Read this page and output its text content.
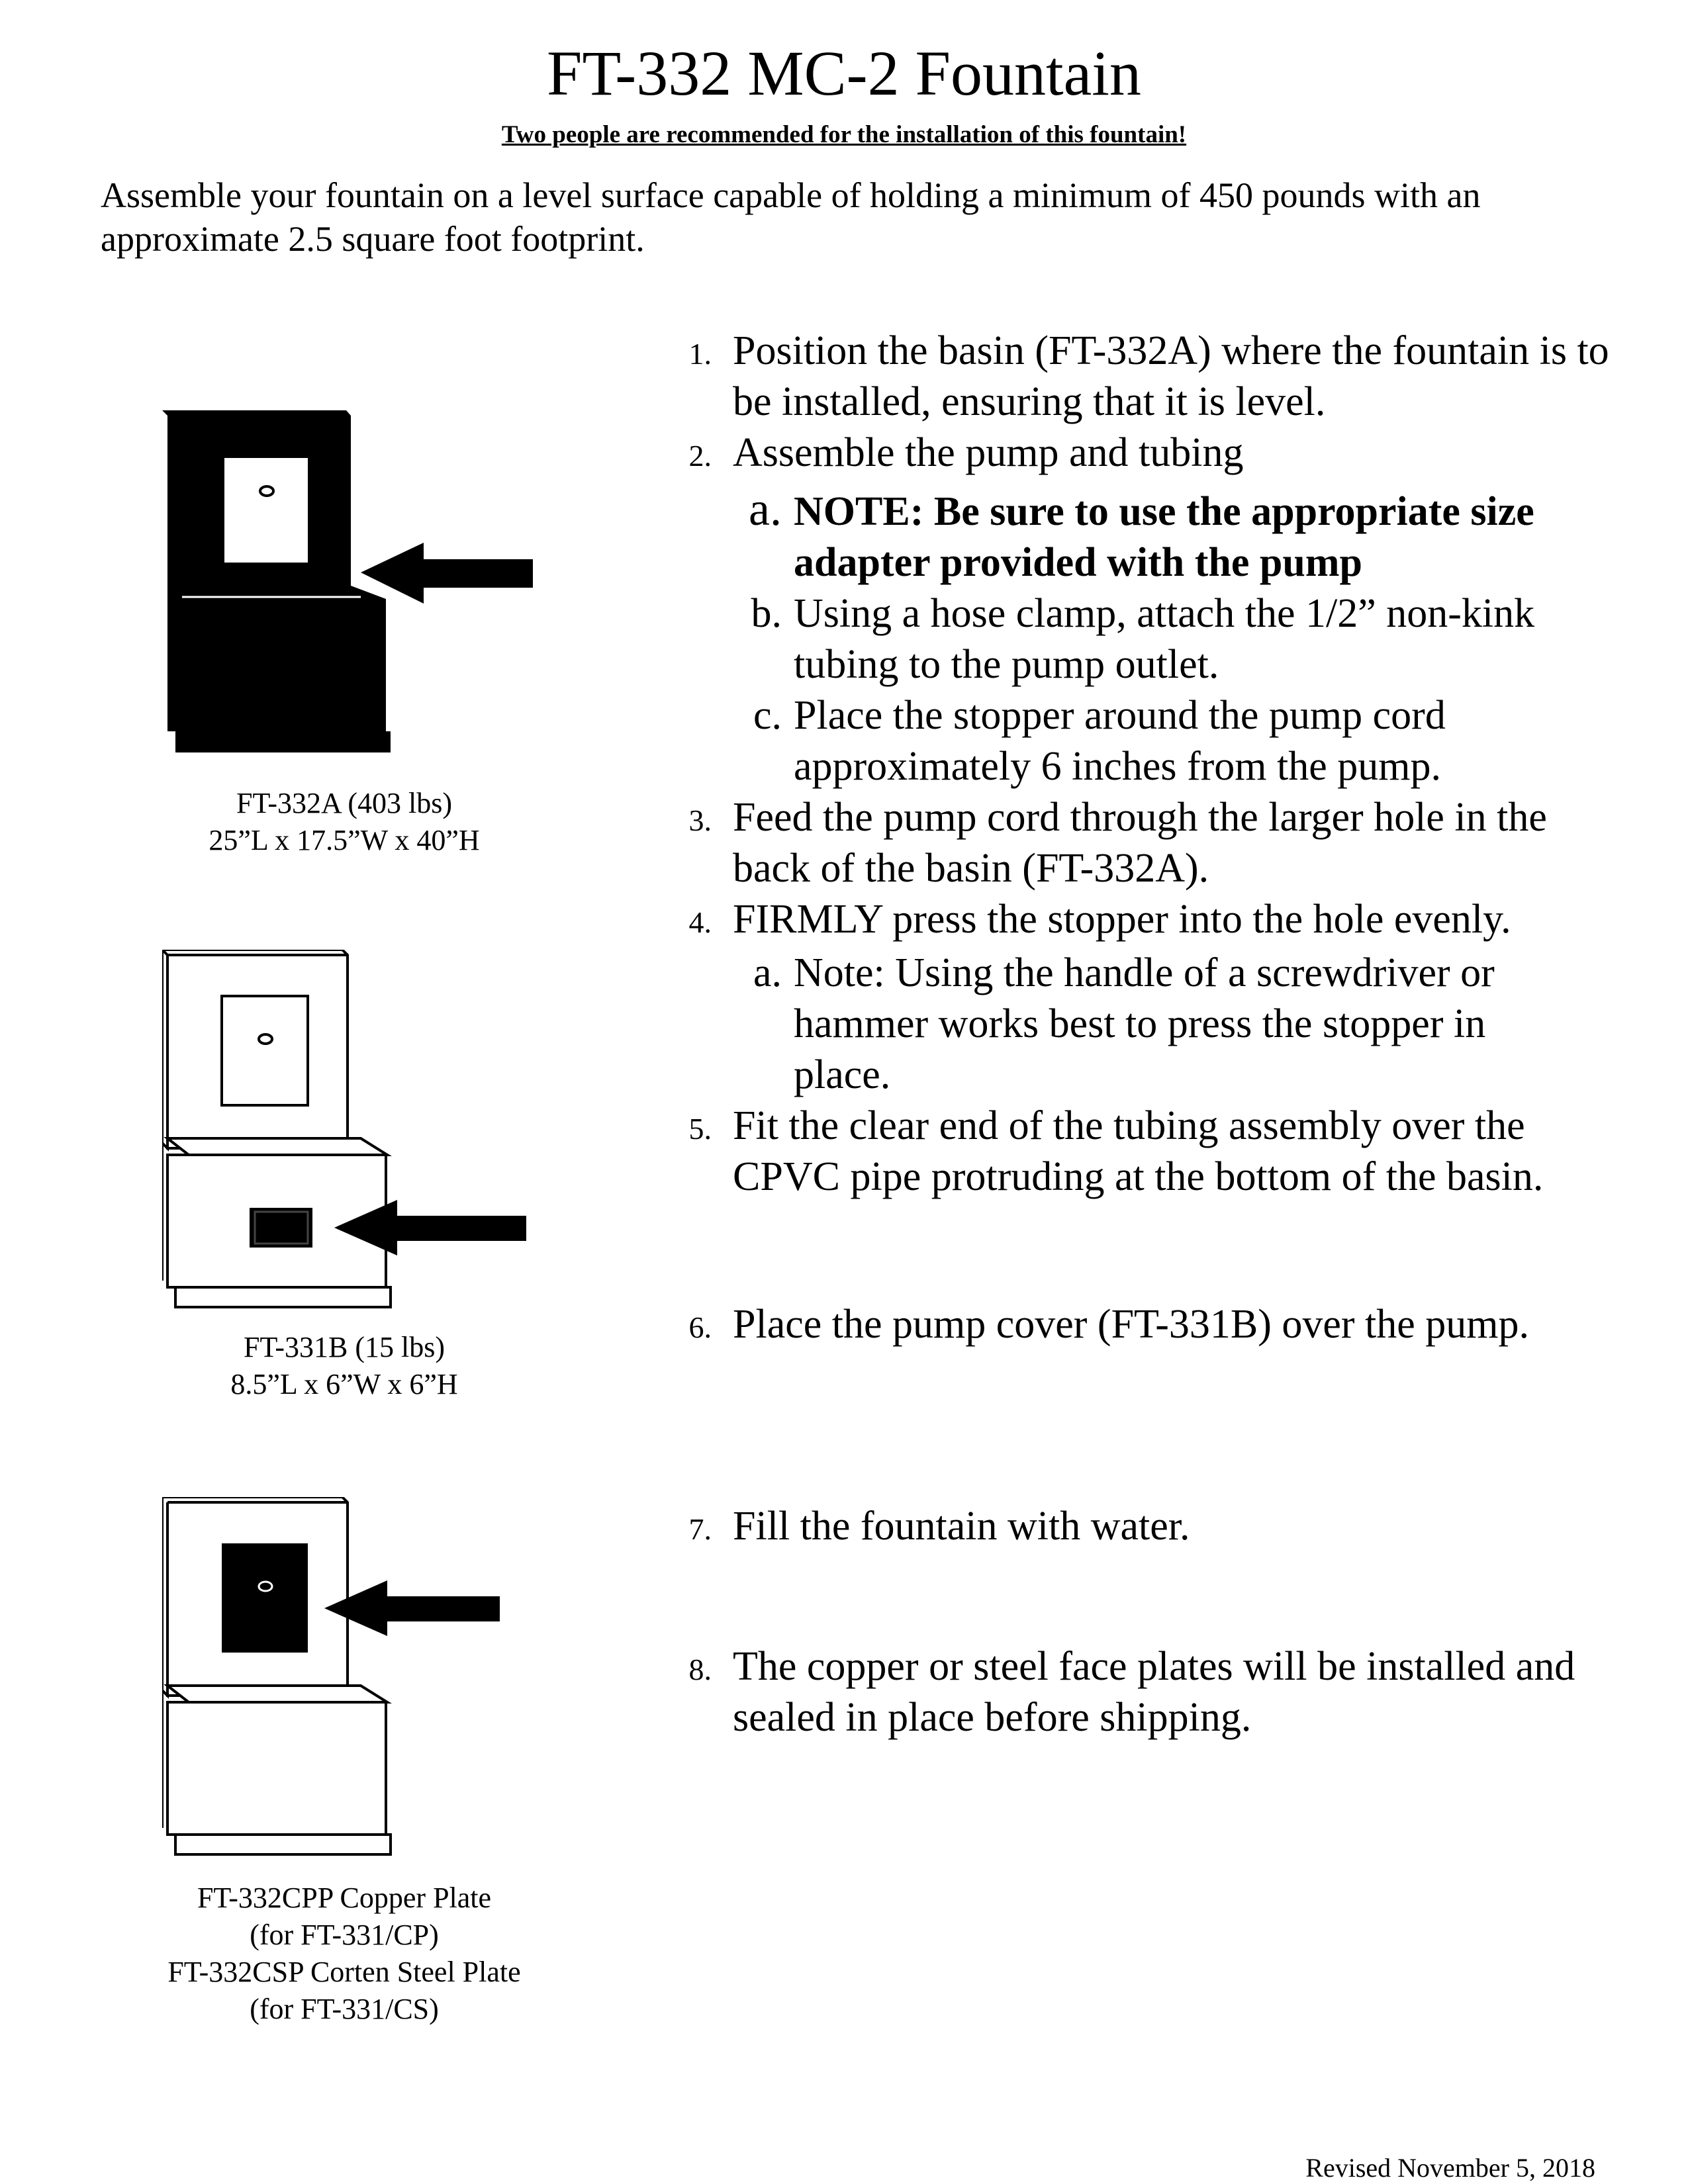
FT-332 MC-2 Fountain
Two people are recommended for the installation of this fountain!
Assemble your fountain on a level surface capable of holding a minimum of 450 pounds with an approximate 2.5 square foot footprint.
FT-332A (403 lbs)
25”L x 17.5”W x 40”H
FT-331B (15 lbs)
8.5”L x 6”W x 6”H
FT-332CPP Copper Plate
(for FT-331/CP)
FT-332CSP Corten Steel Plate
(for FT-331/CS)
1. Position the basin (FT-332A) where the fountain is to be installed, ensuring that it is level.
2. Assemble the pump and tubing
a. NOTE: Be sure to use the appropriate size adapter provided with the pump
b. Using a hose clamp, attach the 1/2” non-kink tubing to the pump outlet.
c. Place the stopper around the pump cord approximately 6 inches from the pump.
3. Feed the pump cord through the larger hole in the back of the basin (FT-332A).
4. FIRMLY press the stopper into the hole evenly.
a. Note: Using the handle of a screwdriver or hammer works best to press the stopper in place.
5. Fit the clear end of the tubing assembly over the CPVC pipe protruding at the bottom of the basin.
6. Place the pump cover (FT-331B) over the pump.
7. Fill the fountain with water.
8. The copper or steel face plates will be installed and sealed in place before shipping.
Revised November 5, 2018
